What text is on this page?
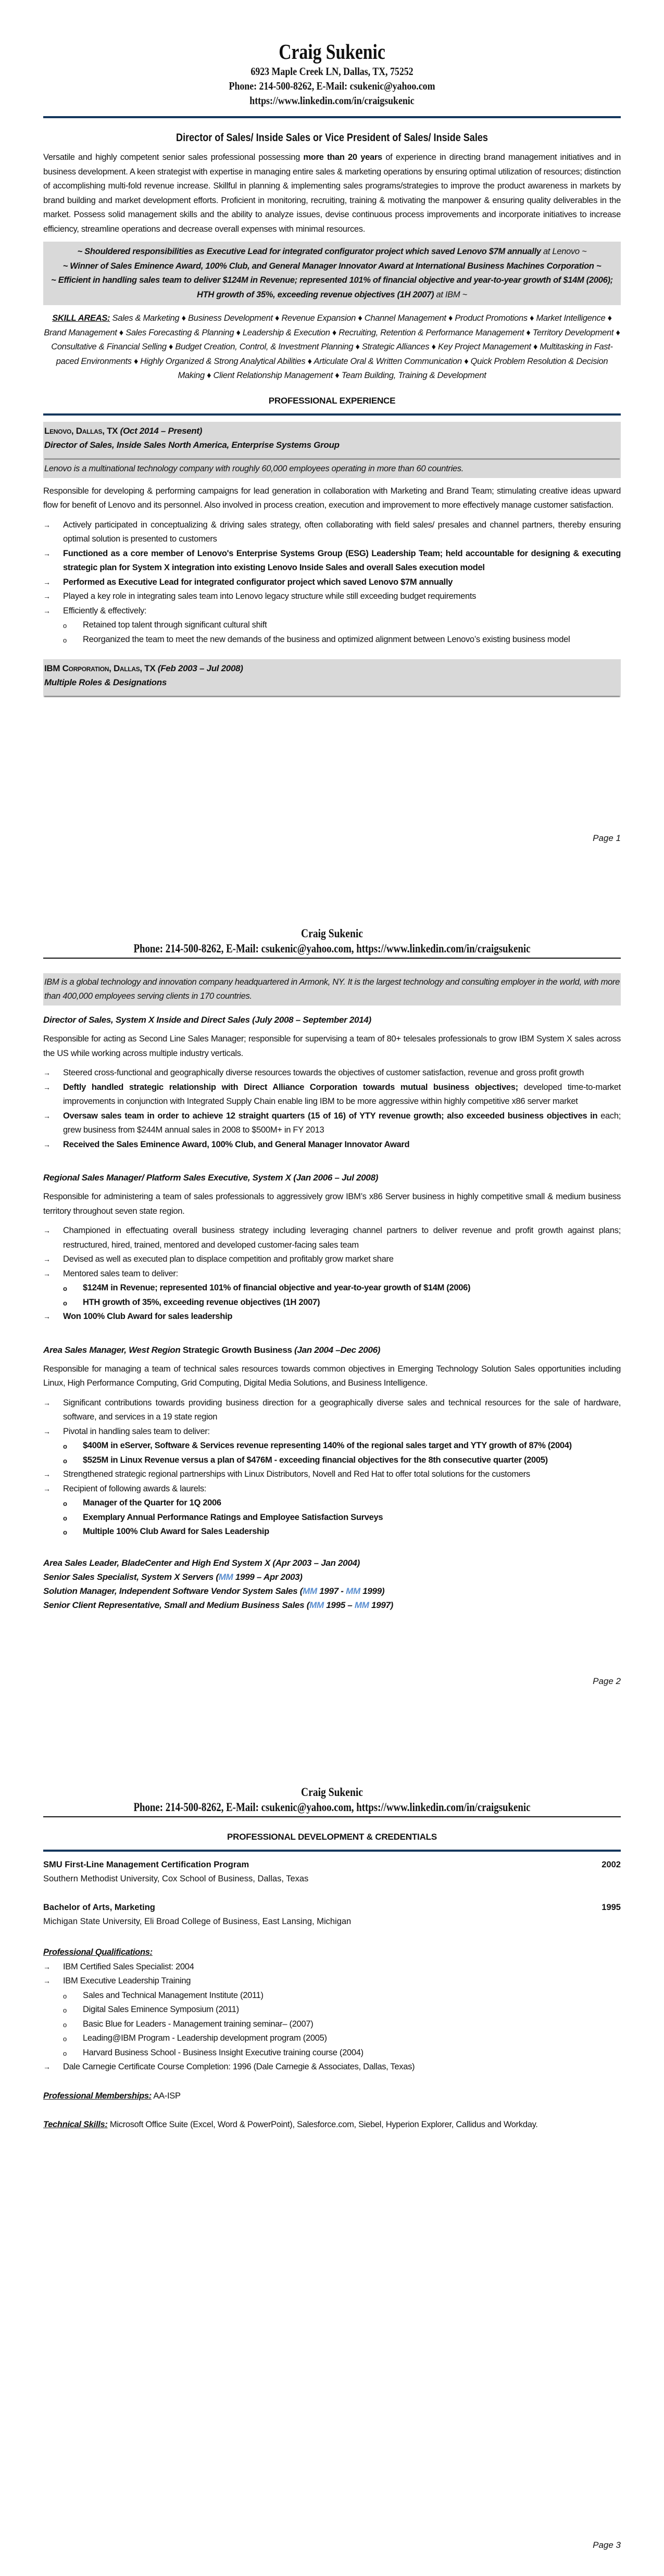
Craig Sukenic
6923 Maple Creek LN, Dallas, TX, 75252
Phone: 214-500-8262, E-Mail: csukenic@yahoo.com
https://www.linkedin.com/in/craigsukenic
Director of Sales/ Inside Sales or Vice President of Sales/ Inside Sales

Versatile and highly competent senior sales professional possessing more than 20 years of experience in directing brand management initiatives and in business development. A keen strategist with expertise in managing entire sales & marketing operations by ensuring optimal utilization of resources; distinction of accomplishing multi-fold revenue increase. Skillful in planning & implementing sales programs/strategies to improve the product awareness in markets by brand building and market development efforts. Proficient in monitoring, recruiting, training & motivating the manpower & ensuring quality deliverables in the market. Possess solid management skills and the ability to analyze issues, devise continuous process improvements and incorporate initiatives to increase efficiency, streamline operations and decrease overall expenses with minimal resources.

~ Shouldered responsibilities as Executive Lead for integrated configurator project which saved Lenovo $7M annually at Lenovo ~
~ Winner of Sales Eminence Award, 100% Club, and General Manager Innovator Award at International Business Machines Corporation ~
~ Efficient in handling sales team to deliver $124M in Revenue; represented 101% of financial objective and year-to-year growth of $14M (2006); HTH growth of 35%, exceeding revenue objectives (1H 2007) at IBM ~
SKILL AREAS: Sales & Marketing ♦ Business Development ♦ Revenue Expansion ♦ Channel Management ♦ Product Promotions ♦ Market Intelligence ♦ Brand Management ♦ Sales Forecasting & Planning ♦ Leadership & Execution ♦ Recruiting, Retention & Performance Management ♦ Territory Development ♦ Consultative & Financial Selling ♦ Budget Creation, Control, & Investment Planning ♦ Strategic Alliances ♦ Key Project Management ♦ Multitasking in Fast-paced Environments ♦ Highly Organized & Strong Analytical Abilities ♦ Articulate Oral & Written Communication ♦ Quick Problem Resolution & Decision Making ♦ Client Relationship Management ♦ Team Building, Training & Development
PROFESSIONAL EXPERIENCE
Lenovo, Dallas, TX (Oct 2014 – Present)
Director of Sales, Inside Sales North America, Enterprise Systems Group
Lenovo is a multinational technology company with roughly 60,000 employees operating in more than 60 countries.

Responsible for developing & performing campaigns for lead generation in collaboration with Marketing and Brand Team; stimulating creative ideas upward flow for benefit of Lenovo and its personnel. Also involved in process creation, execution and improvement to more effectively manage customer satisfaction.

→ Actively participated in conceptualizing & driving sales strategy, often collaborating with field sales/ presales and channel partners, thereby ensuring optimal solution is presented to customers
→ Functioned as a core member of Lenovo's Enterprise Systems Group (ESG) Leadership Team; held accountable for designing & executing strategic plan for System X integration into existing Lenovo Inside Sales and overall Sales execution model
→ Performed as Executive Lead for integrated configurator project which saved Lenovo $7M annually
→ Played a key role in integrating sales team into Lenovo legacy structure while still exceeding budget requirements
→ Efficiently & effectively:
o Retained top talent through significant cultural shift
o Reorganized the team to meet the new demands of the business and optimized alignment between Lenovo’s existing business model
IBM Corporation, Dallas, TX (Feb 2003 – Jul 2008)
Multiple Roles & Designations
Page 1
Craig Sukenic
Phone: 214-500-8262, E-Mail: csukenic@yahoo.com, https://www.linkedin.com/in/craigsukenic
IBM is a global technology and innovation company headquartered in Armonk, NY. It is the largest technology and consulting employer in the world, with more than 400,000 employees serving clients in 170 countries.
Director of Sales, System X Inside and Direct Sales (July 2008 – September 2014)

Responsible for acting as Second Line Sales Manager; responsible for supervising a team of 80+ telesales professionals to grow IBM System X sales across the US while working across multiple industry verticals.

→ Steered cross-functional and geographically diverse resources towards the objectives of customer satisfaction, revenue and gross profit growth
→ Deftly handled strategic relationship with Direct Alliance Corporation towards mutual business objectives; developed time-to-market improvements in conjunction with Integrated Supply Chain enable ling IBM to be more aggressive within highly competitive x86 server market
→ Oversaw sales team in order to achieve 12 straight quarters (15 of 16) of YTY revenue growth; also exceeded business objectives in each; grew business from $244M annual sales in 2008 to $500M+ in FY 2013
→ Received the Sales Eminence Award, 100% Club, and General Manager Innovator Award
Regional Sales Manager/ Platform Sales Executive, System X (Jan 2006 – Jul 2008)

Responsible for administering a team of sales professionals to aggressively grow IBM’s x86 Server business in highly competitive small & medium business territory throughout seven state region.

→ Championed in effectuating overall business strategy including leveraging channel partners to deliver revenue and profit growth against plans; restructured, hired, trained, mentored and developed customer-facing sales team
→ Devised as well as executed plan to displace competition and profitably grow market share
→ Mentored sales team to deliver:
o $124M in Revenue; represented 101% of financial objective and year-to-year growth of $14M (2006)
o HTH growth of 35%, exceeding revenue objectives (1H 2007)
→ Won 100% Club Award for sales leadership
Area Sales Manager, West Region Strategic Growth Business (Jan 2004 –Dec 2006)

Responsible for managing a team of technical sales resources towards common objectives in Emerging Technology Solution Sales opportunities including Linux, High Performance Computing, Grid Computing, Digital Media Solutions, and Business Intelligence.

→ Significant contributions towards providing business direction for a geographically diverse sales and technical resources for the sale of hardware, software, and services in a 19 state region
→ Pivotal in handling sales team to deliver:
o $400M in eServer, Software & Services revenue representing 140% of the regional sales target and YTY growth of 87% (2004)
o $525M in Linux Revenue versus a plan of $476M - exceeding financial objectives for the 8th consecutive quarter (2005)
→ Strengthened strategic regional partnerships with Linux Distributors, Novell and Red Hat to offer total solutions for the customers
→ Recipient of following awards & laurels:
o Manager of the Quarter for 1Q 2006
o Exemplary Annual Performance Ratings and Employee Satisfaction Surveys
o Multiple 100% Club Award for Sales Leadership
Area Sales Leader, BladeCenter and High End System X (Apr 2003 – Jan 2004)
Senior Sales Specialist, System X Servers (MM 1999 – Apr 2003)
Solution Manager, Independent Software Vendor System Sales (MM 1997 - MM 1999)
Senior Client Representative, Small and Medium Business Sales (MM 1995 – MM 1997)
Page 2
Craig Sukenic
Phone: 214-500-8262, E-Mail: csukenic@yahoo.com, https://www.linkedin.com/in/craigsukenic
PROFESSIONAL DEVELOPMENT & CREDENTIALS
SMU First-Line Management Certification Program	2002
Southern Methodist University, Cox School of Business, Dallas, Texas
Bachelor of Arts, Marketing	1995
Michigan State University, Eli Broad College of Business, East Lansing, Michigan
Professional Qualifications:
→ IBM Certified Sales Specialist: 2004
→ IBM Executive Leadership Training
o Sales and Technical Management Institute (2011)
o Digital Sales Eminence Symposium (2011)
o Basic Blue for Leaders - Management training seminar– (2007)
o Leading@IBM Program - Leadership development program (2005)
o Harvard Business School - Business Insight Executive training course (2004)
→ Dale Carnegie Certificate Course Completion: 1996 (Dale Carnegie & Associates, Dallas, Texas)
Professional Memberships: AA-ISP

Technical Skills: Microsoft Office Suite (Excel, Word & PowerPoint), Salesforce.com, Siebel, Hyperion Explorer, Callidus and Workday.

Page 3
